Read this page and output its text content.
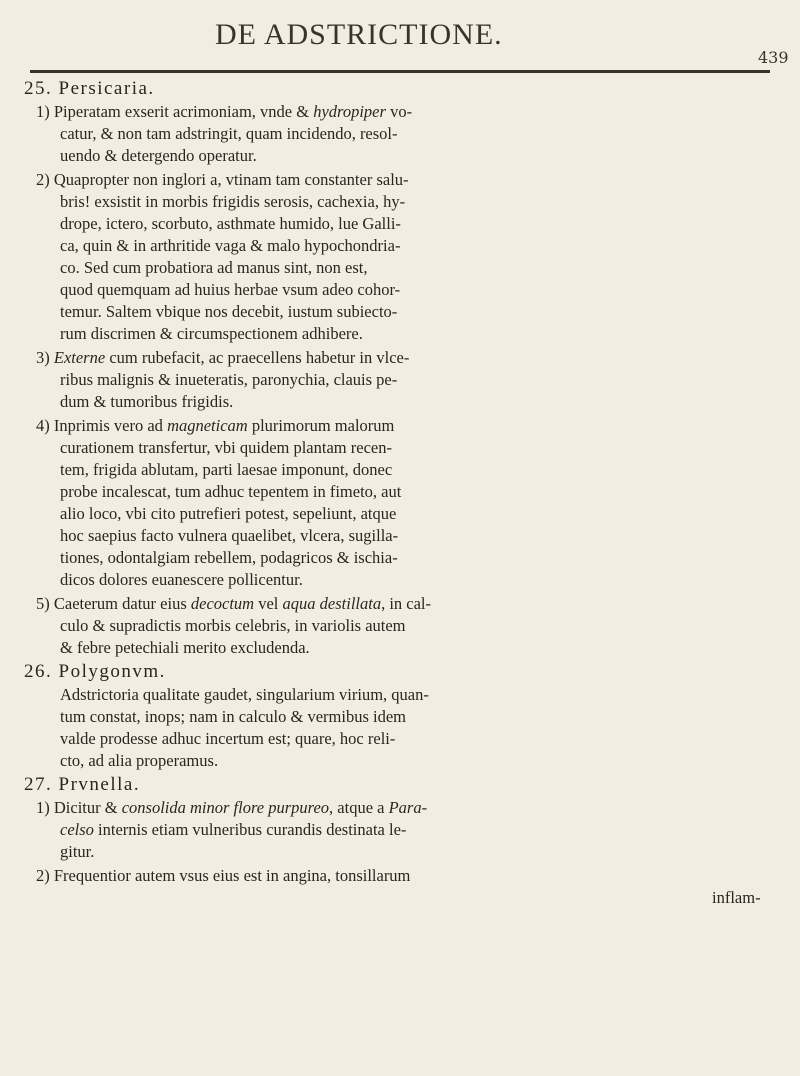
DE ADSTRICTIONE.
439
25. Persicaria.
1) Piperatam exserit acrimoniam, vnde & hydropiper vo-
catur, & non tam adstringit, quam incidendo, resol-
uendo & detergendo operatur.
2) Quapropter non inglori a, vtinam tam constanter salu-
bris! exsistit in morbis frigidis serosis, cachexia, hy-
drope, ictero, scorbuto, asthmate humido, lue Galli-
ca, quin & in arthritide vaga & malo hypochondria-
co. Sed cum probatiora ad manus sint, non est,
quod quemquam ad huius herbae vsum adeo cohor-
temur. Saltem vbique nos decebit, iustum subiecto-
rum discrimen & circumspectionem adhibere.
3) Externe cum rubefacit, ac praecellens habetur in vlce-
ribus malignis & inueteratis, paronychia, clauis pe-
dum & tumoribus frigidis.
4) Inprimis vero ad magneticam plurimorum malorum
curationem transfertur, vbi quidem plantam recen-
tem, frigida ablutam, parti laesae imponunt, donec
probe incalescat, tum adhuc tepentem in fimeto, aut
alio loco, vbi cito putrefieri potest, sepeliunt, atque
hoc saepius facto vulnera quaelibet, vlcera, sugilla-
tiones, odontalgiam rebellem, podagricos & ischia-
dicos dolores euanescere pollicentur.
5) Caeterum datur eius decoctum vel aqua destillata, in cal-
culo & supradictis morbis celebris, in variolis autem
& febre petechiali merito excludenda.
26. Polygonvm.
Adstrictoria qualitate gaudet, singularium virium, quan-
tum constat, inops; nam in calculo & vermibus idem
valde prodesse adhuc incertum est; quare, hoc reli-
cto, ad alia properamus.
27. Prvnella.
1) Dicitur & consolida minor flore purpureo, atque a Para-
celso internis etiam vulneribus curandis destinata le-
gitur.
2) Frequentior autem vsus eius est in angina, tonsillarum
inflam-
